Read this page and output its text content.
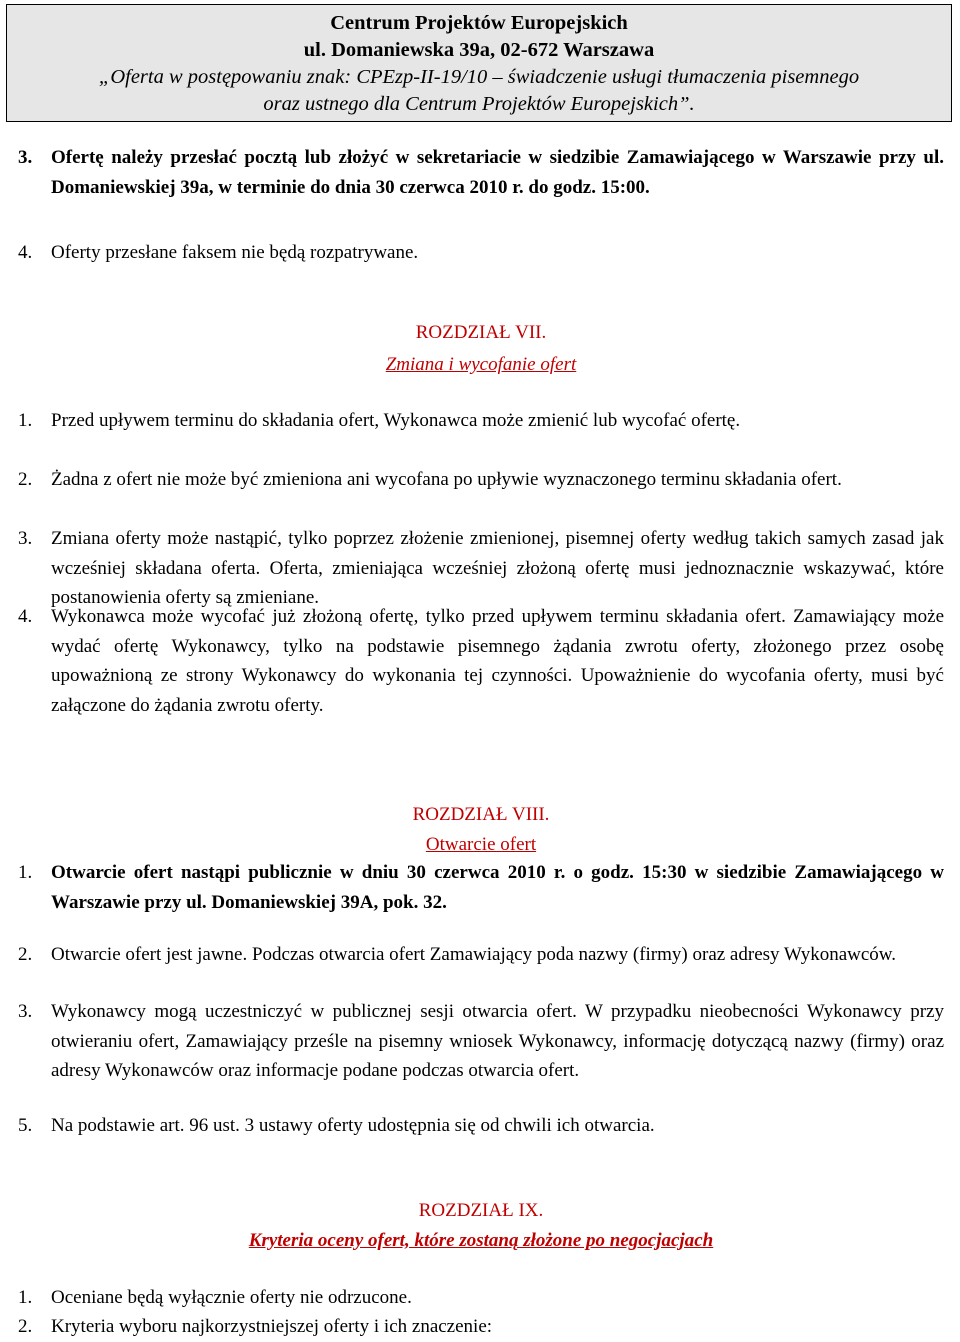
Centrum Projektów Europejskich
ul. Domaniewska 39a, 02-672 Warszawa
„Oferta w postępowaniu znak: CPEzp-II-19/10 – świadczenie usługi tłumaczenia pisemnego
oraz ustnego dla Centrum Projektów Europejskich”.
3. Ofertę należy przesłać pocztą lub złożyć w sekretariacie w siedzibie Zamawiającego w Warszawie przy ul. Domaniewskiej 39a, w terminie do dnia 30 czerwca 2010 r. do godz. 15:00.
4. Oferty przesłane faksem nie będą rozpatrywane.
ROZDZIAŁ VII.
Zmiana i wycofanie ofert
1. Przed upływem terminu do składania ofert, Wykonawca może zmienić lub wycofać ofertę.
2. Żadna z ofert nie może być zmieniona ani wycofana po upływie wyznaczonego terminu składania ofert.
3. Zmiana oferty może nastąpić, tylko poprzez złożenie zmienionej, pisemnej oferty według takich samych zasad jak wcześniej składana oferta. Oferta, zmieniająca wcześniej złożoną ofertę musi jednoznacznie wskazywać, które postanowienia oferty są zmieniane.
4. Wykonawca może wycofać już złożoną ofertę, tylko przed upływem terminu składania ofert. Zamawiający może wydać ofertę Wykonawcy, tylko na podstawie pisemnego żądania zwrotu oferty, złożonego przez osobę upoważnioną ze strony Wykonawcy do wykonania tej czynności. Upoważnienie do wycofania oferty, musi być załączone do żądania zwrotu oferty.
ROZDZIAŁ VIII.
Otwarcie ofert
1. Otwarcie ofert nastąpi publicznie w dniu 30 czerwca 2010 r. o godz. 15:30 w siedzibie Zamawiającego w Warszawie przy ul. Domaniewskiej 39A, pok. 32.
2. Otwarcie ofert jest jawne. Podczas otwarcia ofert Zamawiający poda nazwy (firmy) oraz adresy Wykonawców.
3. Wykonawcy mogą uczestniczyć w publicznej sesji otwarcia ofert. W przypadku nieobecności Wykonawcy przy otwieraniu ofert, Zamawiający prześle na pisemny wniosek Wykonawcy, informację dotyczącą nazwy (firmy) oraz adresy Wykonawców oraz informacje podane podczas otwarcia ofert.
5. Na podstawie art. 96 ust. 3 ustawy oferty udostępnia się od chwili ich otwarcia.
ROZDZIAŁ IX.
Kryteria oceny ofert, które zostaną złożone po negocjacjach
1. Oceniane będą wyłącznie oferty nie odrzucone.
2. Kryteria wyboru najkorzystniejszej oferty i ich znaczenie:
